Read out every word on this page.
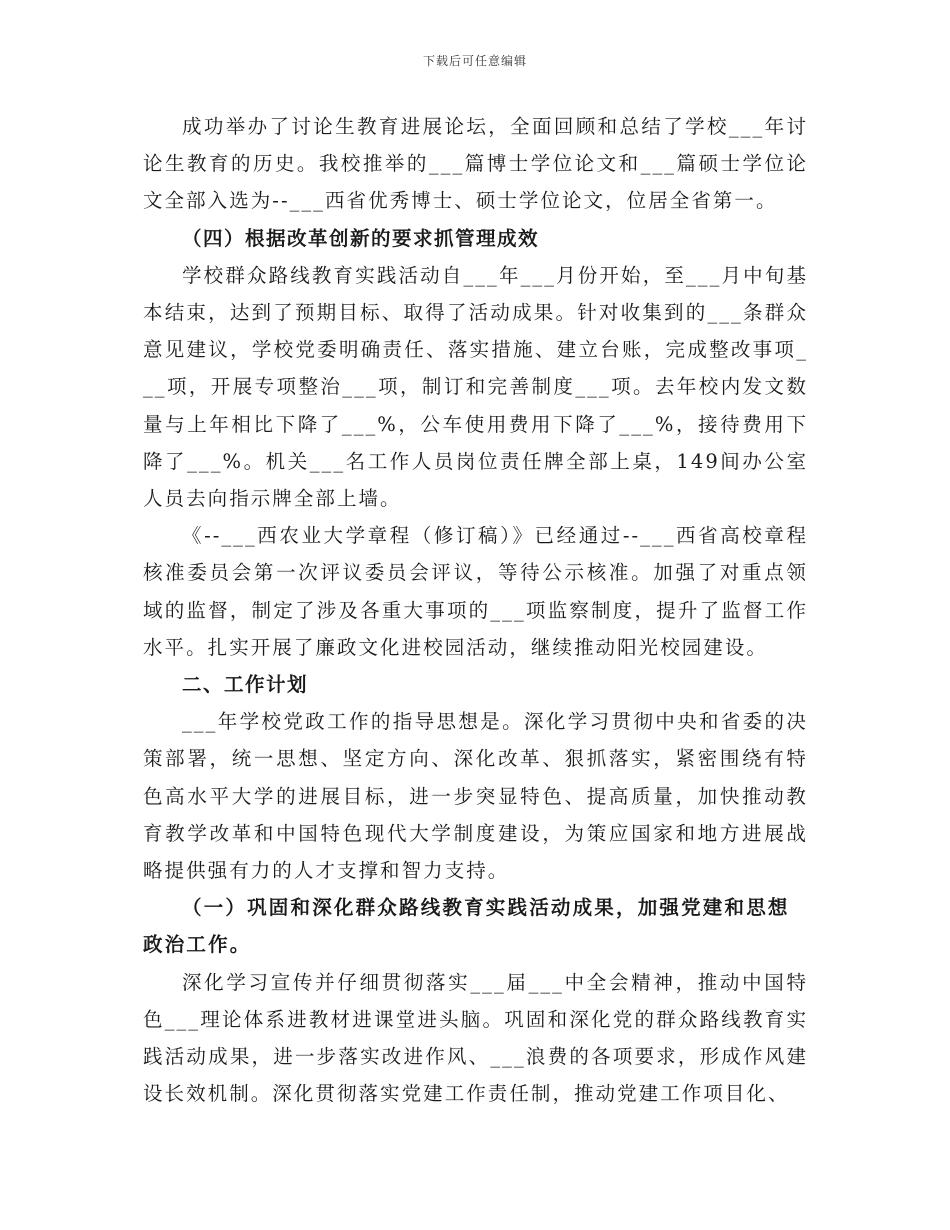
下载后可任意编辑

成功举办了讨论生教育进展论坛，全面回顾和总结了学校___年讨论生教育的历史。我校推举的___篇博士学位论文和___篇硕士学位论文全部入选为--___西省优秀博士、硕士学位论文，位居全省第一。

（四）根据改革创新的要求抓管理成效

学校群众路线教育实践活动自___年___月份开始，至___月中旬基本结束，达到了预期目标、取得了活动成果。针对收集到的___条群众意见建议，学校党委明确责任、落实措施、建立台账，完成整改事项___项，开展专项整治___项，制订和完善制度___项。去年校内发文数量与上年相比下降了___%，公车使用费用下降了___%，接待费用下降了___%。机关___名工作人员岗位责任牌全部上桌，149间办公室人员去向指示牌全部上墙。

《--___西农业大学章程（修订稿）》已经通过--___西省高校章程核准委员会第一次评议委员会评议，等待公示核准。加强了对重点领域的监督，制定了涉及各重大事项的___项监察制度，提升了监督工作水平。扎实开展了廉政文化进校园活动，继续推动阳光校园建设。

二、工作计划

___年学校党政工作的指导思想是。深化学习贯彻中央和省委的决策部署，统一思想、坚定方向、深化改革、狠抓落实，紧密围绕有特色高水平大学的进展目标，进一步突显特色、提高质量，加快推动教育教学改革和中国特色现代大学制度建设，为策应国家和地方进展战略提供强有力的人才支撑和智力支持。

（一）巩固和深化群众路线教育实践活动成果，加强党建和思想政治工作。

深化学习宣传并仔细贯彻落实___届___中全会精神，推动中国特色___理论体系进教材进课堂进头脑。巩固和深化党的群众路线教育实践活动成果，进一步落实改进作风、___浪费的各项要求，形成作风建设长效机制。深化贯彻落实党建工作责任制，推动党建工作项目化、
